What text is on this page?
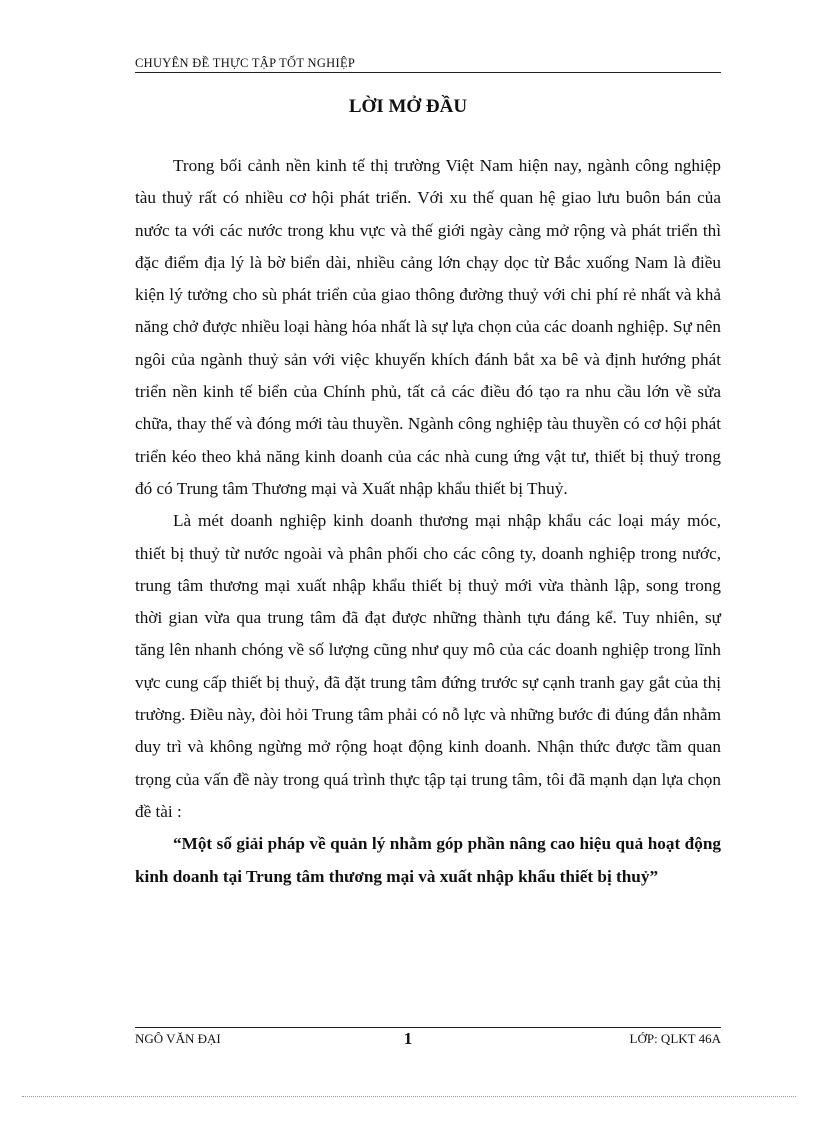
CHUYÊN ĐỀ THỰC TẬP TỐT NGHIỆP
LỜI MỞ ĐẦU

Trong bối cảnh nền kinh tế thị trường Việt Nam hiện nay, ngành công nghiệp tàu thuỷ rất có nhiều cơ hội phát triển. Với xu thế quan hệ giao lưu buôn bán của nước ta với các nước trong khu vực và thế giới ngày càng mở rộng và phát triển thì đặc điểm địa lý là bờ biển dài, nhiều cảng lớn chạy dọc từ Bắc xuống Nam là điều kiện lý tưởng cho sù phát triển của giao thông đường thuỷ với chi phí rẻ nhất và khả năng chở được nhiều loại hàng hóa nhất là sự lựa chọn của các doanh nghiệp. Sự nên ngôi của ngành thuỷ sản với việc khuyến khích đánh bắt xa bê và định hướng phát triển nền kinh tế biển của Chính phủ, tất cả các điều đó tạo ra nhu cầu lớn về sửa chữa, thay thế và đóng mới tàu thuyền. Ngành công nghiệp tàu thuyền có cơ hội phát triển kéo theo khả năng kinh doanh của các nhà cung ứng vật tư, thiết bị thuỷ trong đó có Trung tâm Thương mại và Xuất nhập khẩu thiết bị Thuỷ.

Là mét doanh nghiệp kinh doanh thương mại nhập khẩu các loại máy móc, thiết bị thuỷ từ nước ngoài và phân phối cho các công ty, doanh nghiệp trong nước, trung tâm thương mại xuất nhập khẩu thiết bị thuỷ mới vừa thành lập, song trong thời gian vừa qua trung tâm đã đạt được những thành tựu đáng kể. Tuy nhiên, sự tăng lên nhanh chóng về số lượng cũng như quy mô của các doanh nghiệp trong lĩnh vực cung cấp thiết bị thuỷ, đã đặt trung tâm đứng trước sự cạnh tranh gay gắt của thị trường. Điều này, đòi hỏi Trung tâm phải có nỗ lực và những bước đi đúng đắn nhằm duy trì và không ngừng mở rộng hoạt động kinh doanh. Nhận thức được tầm quan trọng của vấn đề này trong quá trình thực tập tại trung tâm, tôi đã mạnh dạn lựa chọn đề tài :

“Một số giải pháp về quản lý nhằm góp phần nâng cao hiệu quả hoạt động kinh doanh tại Trung tâm thương mại và xuất nhập khẩu thiết bị thuỷ”

NGÔ VĂN ĐẠI	1	LỚP: QLKT 46A
